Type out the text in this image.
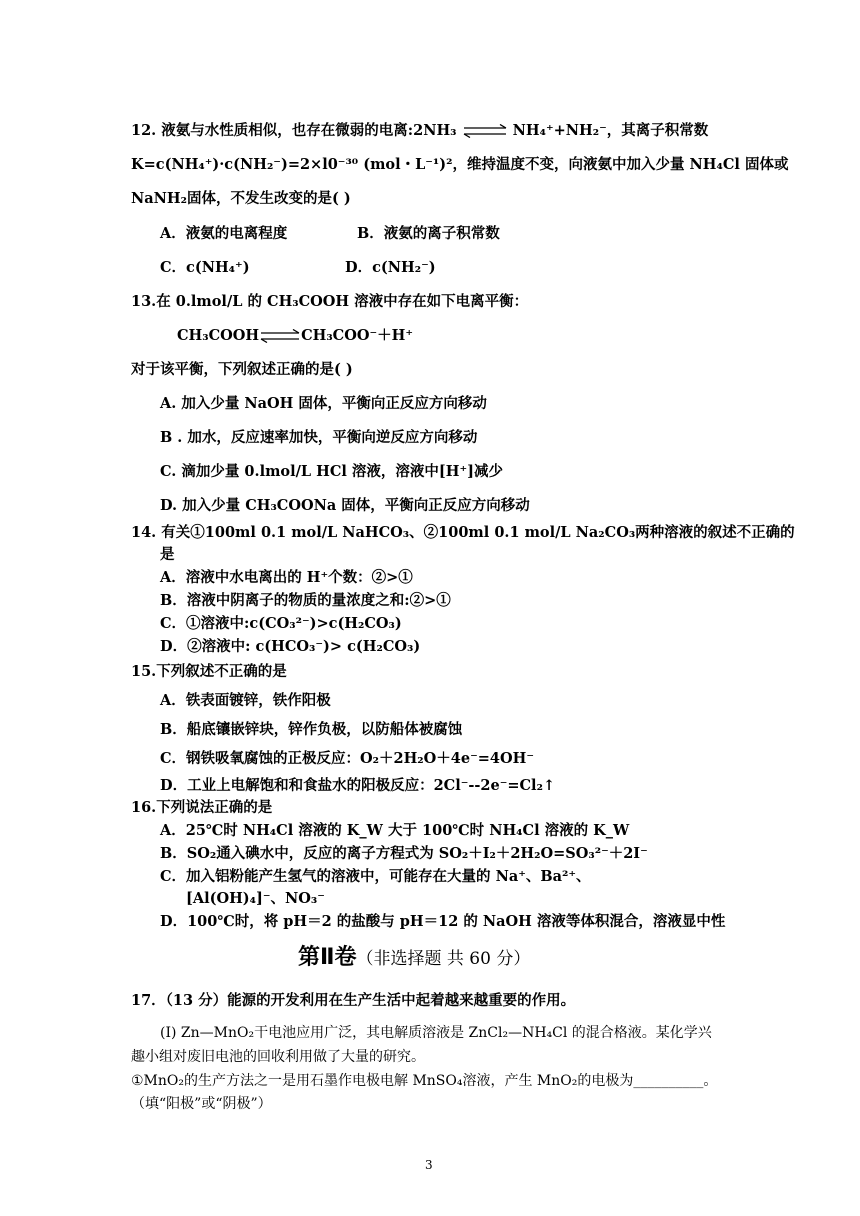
12. 液氨与水性质相似，也存在微弱的电离:2NH₃ ⇌ NH₄⁺+NH₂⁻，其离子积常数
K=c(NH₄⁺)·c(NH₂⁻)=2×l0⁻³⁰ (mol・L⁻¹)²，维持温度不变，向液氨中加入少量 NH₄Cl 固体或
NaNH₂固体，不发生改变的是( )
A．液氨的电离程度	B．液氨的离子积常数
C．c(NH₄⁺)	D．c(NH₂⁻)
13.在 0.lmol/L 的 CH₃COOH 溶液中存在如下电离平衡：
CH₃COOH⇌CH₃COO⁻＋H⁺
对于该平衡，下列叙述正确的是( )
A. 加入少量 NaOH 固体，平衡向正反应方向移动
B . 加水，反应速率加快，平衡向逆反应方向移动
C. 滴加少量 0.lmol/L HCl 溶液，溶液中[H⁺]减少
D. 加入少量 CH₃COONa 固体，平衡向正反应方向移动
14. 有关①100ml 0.1 mol/L NaHCO₃、②100ml 0.1 mol/L Na₂CO₃两种溶液的叙述不正确的
是
A．溶液中水电离出的 H⁺个数：②>①
B．溶液中阴离子的物质的量浓度之和:②>①
C．①溶液中:c(CO₃²⁻)>c(H₂CO₃)
D．②溶液中: c(HCO₃⁻)> c(H₂CO₃)
15.下列叙述不正确的是
A．铁表面镀锌，铁作阳极
B．船底镶嵌锌块，锌作负极，以防船体被腐蚀
C．钢铁吸氧腐蚀的正极反应：O₂＋2H₂O＋4e⁻=4OH⁻
D．工业上电解饱和和食盐水的阳极反应：2Cl⁻--2e⁻=Cl₂↑
16.下列说法正确的是
A．25℃时 NH₄Cl 溶液的 K_W 大于 100℃时 NH₄Cl 溶液的 K_W
B．SO₂通入碘水中，反应的离子方程式为 SO₂＋I₂＋2H₂O=SO₃²⁻＋2I⁻
C．加入铝粉能产生氢气的溶液中，可能存在大量的 Na⁺、Ba²⁺、
[Al(OH)₄]⁻、NO₃⁻
D．100℃时，将 pH＝2 的盐酸与 pH＝12 的 NaOH 溶液等体积混合，溶液显中性
第Ⅱ卷（非选择题 共 60 分）
17．（13 分）能源的开发利用在生产生活中起着越来越重要的作用。
(Ⅰ) Zn—MnO₂干电池应用广泛，其电解质溶液是 ZnCl₂—NH₄Cl 的混合格液。某化学兴
趣小组对废旧电池的回收利用做了大量的研究。
①MnO₂的生产方法之一是用石墨作电极电解 MnSO₄溶液，产生 MnO₂的电极为__________。
（填“阳极”或“阴极”）
3
